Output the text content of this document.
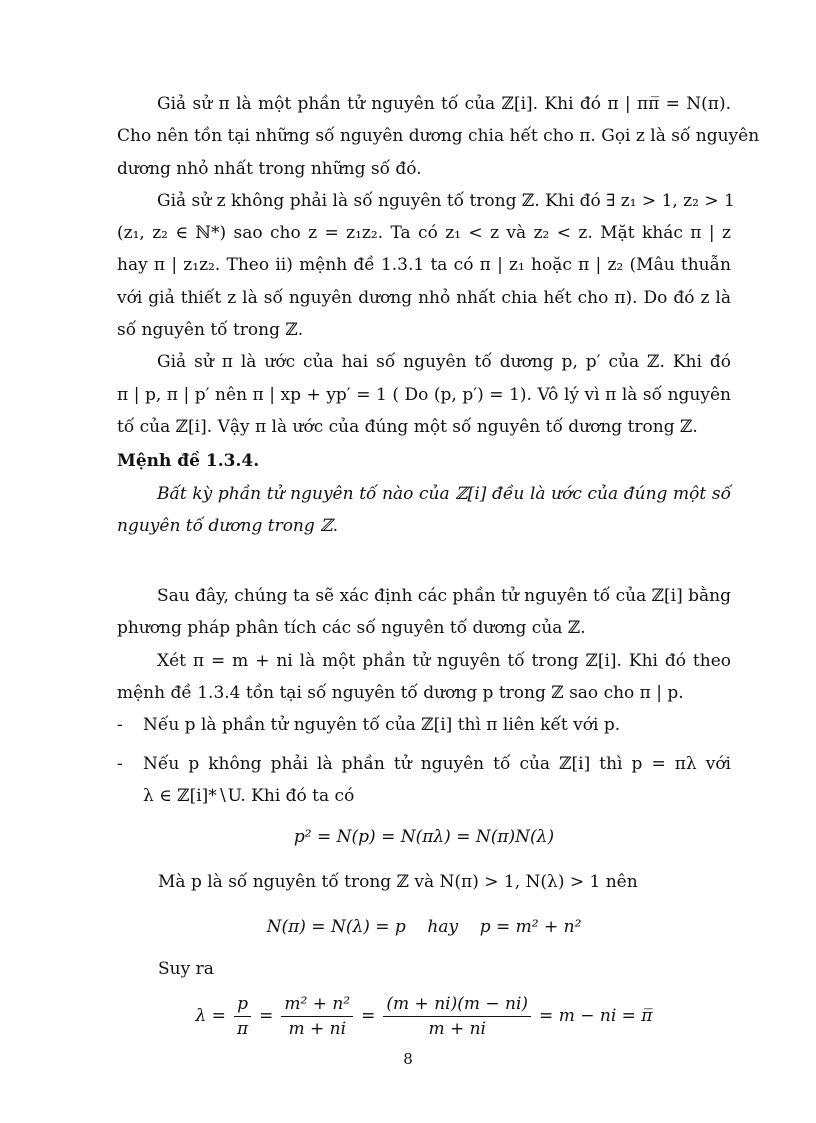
Giả sử π là một phần tử nguyên tố của ℤ[i]. Khi đó π | ππ̅ = N(π).
Cho nên tồn tại những số nguyên dương chia hết cho π. Gọi z là số nguyên
dương nhỏ nhất trong những số đó.
Giả sử z không phải là số nguyên tố trong ℤ. Khi đó ∃ z₁ > 1, z₂ > 1
(z₁, z₂ ∈ ℕ*) sao cho z = z₁z₂. Ta có z₁ < z và z₂ < z. Mặt khác π | z
hay π | z₁z₂. Theo ii) mệnh đề 1.3.1 ta có π | z₁ hoặc π | z₂ (Mâu thuẫn
với giả thiết z là số nguyên dương nhỏ nhất chia hết cho π). Do đó z là
số nguyên tố trong ℤ.
Giả sử π là ước của hai số nguyên tố dương p, p′ của ℤ. Khi đó
π | p, π | p′ nên π | xp + yp′ = 1 ( Do (p, p′) = 1). Vô lý vì π là số nguyên
tố của ℤ[i]. Vậy π là ước của đúng một số nguyên tố dương trong ℤ.
Mệnh đề 1.3.4.
Bất kỳ phần tử nguyên tố nào của ℤ[i] đều là ước của đúng một số
nguyên tố dương trong ℤ.
Sau đây, chúng ta sẽ xác định các phần tử nguyên tố của ℤ[i] bằng
phương pháp phân tích các số nguyên tố dương của ℤ.
Xét π = m + ni là một phần tử nguyên tố trong ℤ[i]. Khi đó theo
mệnh đề 1.3.4 tồn tại số nguyên tố dương p trong ℤ sao cho π | p.
- Nếu p là phần tử nguyên tố của ℤ[i] thì π liên kết với p.
- Nếu p không phải là phần tử nguyên tố của ℤ[i] thì p = πλ với
λ ∈ ℤ[i]*∖U. Khi đó ta có
p² = N(p) = N(πλ) = N(π)N(λ)
Mà p là số nguyên tố trong ℤ và N(π) > 1, N(λ) > 1 nên
N(π) = N(λ) = p    hay    p = m² + n²
Suy ra
$\lambda = \frac{p}{\pi} = \frac{\text{m² + n²}}{m + ni} = \frac{(m + ni)(m - ni)}{m + ni} = m$ − ni = π̅
8
